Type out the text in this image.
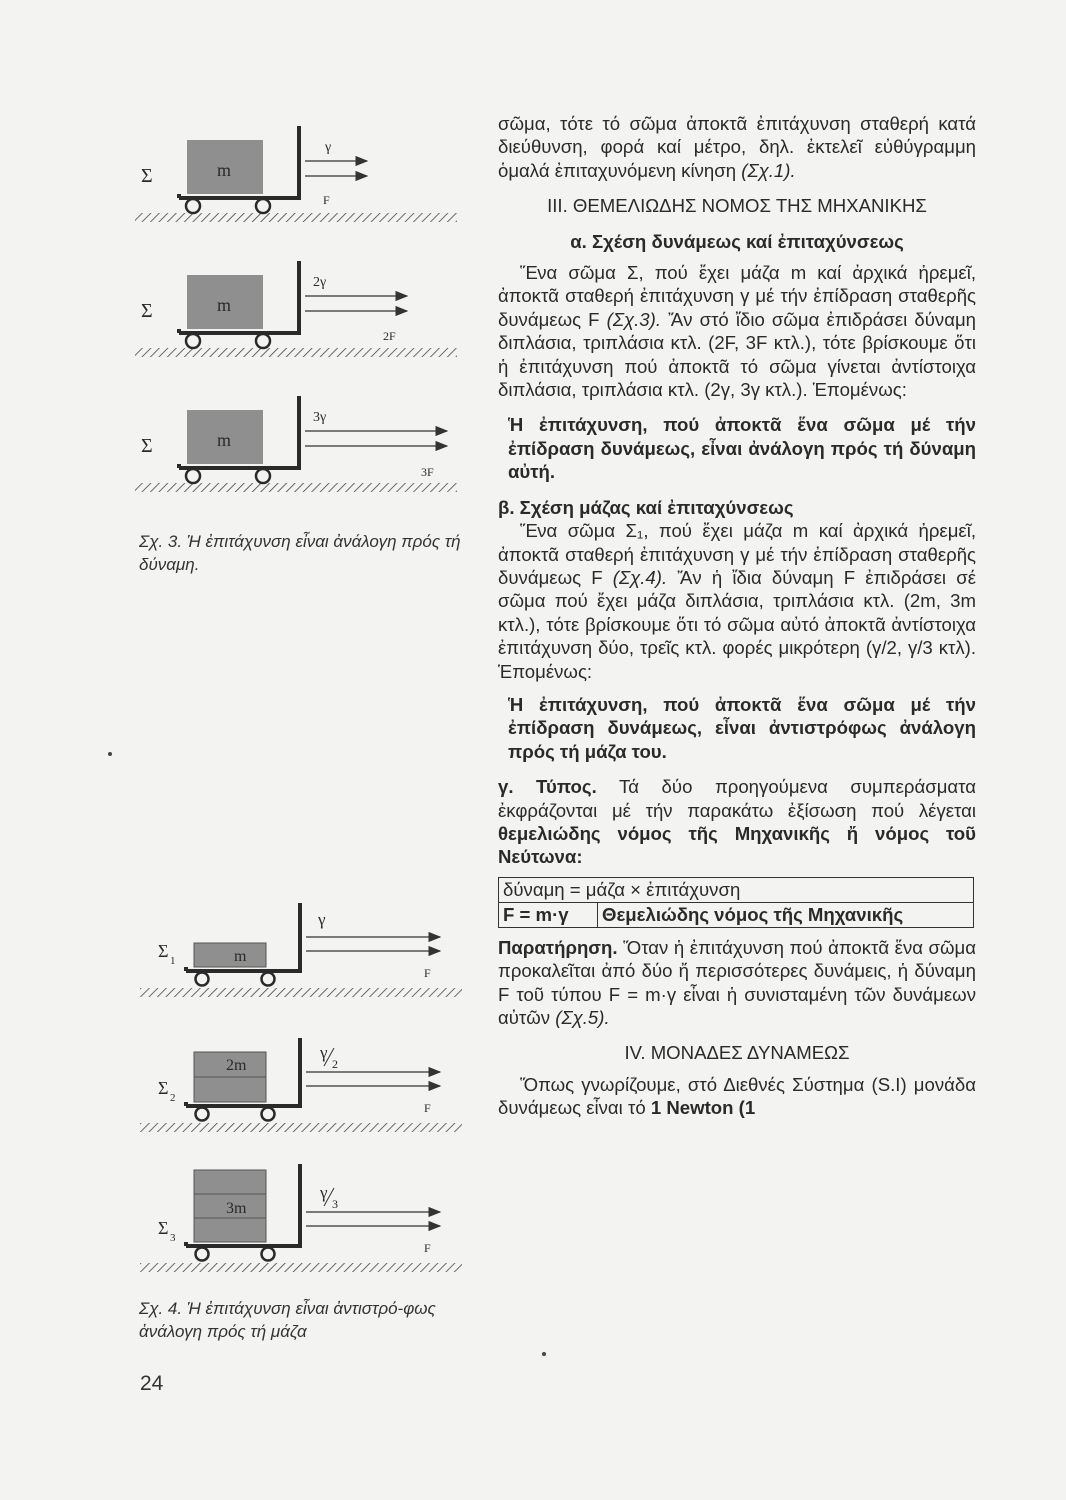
Σ	m
γ
F
Σ	m
2γ
2F
Σ	m
3γ
3F
Σχ. 3. Ἡ ἐπιτάχυνση εἶναι ἀνάλογη πρός τή δύναμη.
Σ 1	m
γ
F
Σ 2
2m
γ
2
F
Σ 3
3m
γ
3
F
Σχ. 4. Ἡ ἐπιτάχυνση εἶναι ἀντιστρό-φως ἀνάλογη πρός τή μάζα

σῶμα, τότε τό σῶμα ἀποκτᾶ ἐπιτάχυνση σταθερή κατά διεύθυνση, φορά καί μέτρο, δηλ. ἐκτελεῖ εὐθύγραμμη ὁμαλά ἐπιταχυνόμενη κίνηση (Σχ.1).

III. ΘΕΜΕΛΙΩΔΗΣ ΝΟΜΟΣ ΤΗΣ ΜΗΧΑΝΙΚΗΣ

α. Σχέση δυνάμεως καί ἐπιταχύνσεως

Ἕνα σῶμα Σ, πού ἔχει μάζα m καί ἀρχικά ἠρεμεῖ, ἀποκτᾶ σταθερή ἐπιτάχυνση γ μέ τήν ἐπίδραση σταθερῆς δυνάμεως F (Σχ.3). Ἄν στό ἴδιο σῶμα ἐπιδράσει δύναμη διπλάσια, τριπλάσια κτλ. (2F, 3F κτλ.), τότε βρίσκουμε ὅτι ἡ ἐπιτάχυνση πού ἀποκτᾶ τό σῶμα γίνεται ἀντίστοιχα διπλάσια, τριπλάσια κτλ. (2γ, 3γ κτλ.). Ἑπομένως:

Ἡ ἐπιτάχυνση, πού ἀποκτᾶ ἕνα σῶμα μέ τήν ἐπίδραση δυνάμεως, εἶναι ἀνάλογη πρός τή δύναμη αὐτή.

β. Σχέση μάζας καί ἐπιταχύνσεως

Ἕνα σῶμα Σ₁, πού ἔχει μάζα m καί ἀρχικά ἠρεμεῖ, ἀποκτᾶ σταθερή ἐπιτάχυνση γ μέ τήν ἐπίδραση σταθερῆς δυνάμεως F (Σχ.4). Ἄν ἡ ἴδια δύναμη F ἐπιδράσει σέ σῶμα πού ἔχει μάζα διπλάσια, τριπλάσια κτλ. (2m, 3m κτλ.), τότε βρίσκουμε ὅτι τό σῶμα αὐτό ἀποκτᾶ ἀντίστοιχα ἐπιτάχυνση δύο, τρεῖς κτλ. φορές μικρότερη (γ/2, γ/3 κτλ). Ἑπομένως:

Ἡ ἐπιτάχυνση, πού ἀποκτᾶ ἕνα σῶμα μέ τήν ἐπίδραση δυνάμεως, εἶναι ἀντιστρόφως ἀνάλογη πρός τή μάζα του.

γ. Τύπος. Τά δύο προηγούμενα συμπεράσματα ἐκφράζονται μέ τήν παρακάτω ἐξίσωση πού λέγεται θεμελιώδης νόμος τῆς Μηχανικῆς ἤ νόμος τοῦ Νεύτωνα:

δύναμη = μάζα × ἐπιτάχυνση
F = m·γ	Θεμελιώδης νόμος τῆς Μηχανικῆς

Παρατήρηση. Ὅταν ἡ ἐπιτάχυνση πού ἀποκτᾶ ἕνα σῶμα προκαλεῖται ἀπό δύο ἤ περισσότερες δυνάμεις, ἡ δύναμη F τοῦ τύπου F = m·γ εἶναι ἡ συνισταμένη τῶν δυνάμεων αὐτῶν (Σχ.5).

IV. ΜΟΝΑΔΕΣ ΔΥΝΑΜΕΩΣ

Ὅπως γνωρίζουμε, στό Διεθνές Σύστημα (S.I) μονάδα δυνάμεως εἶναι τό 1 Newton (1

24
